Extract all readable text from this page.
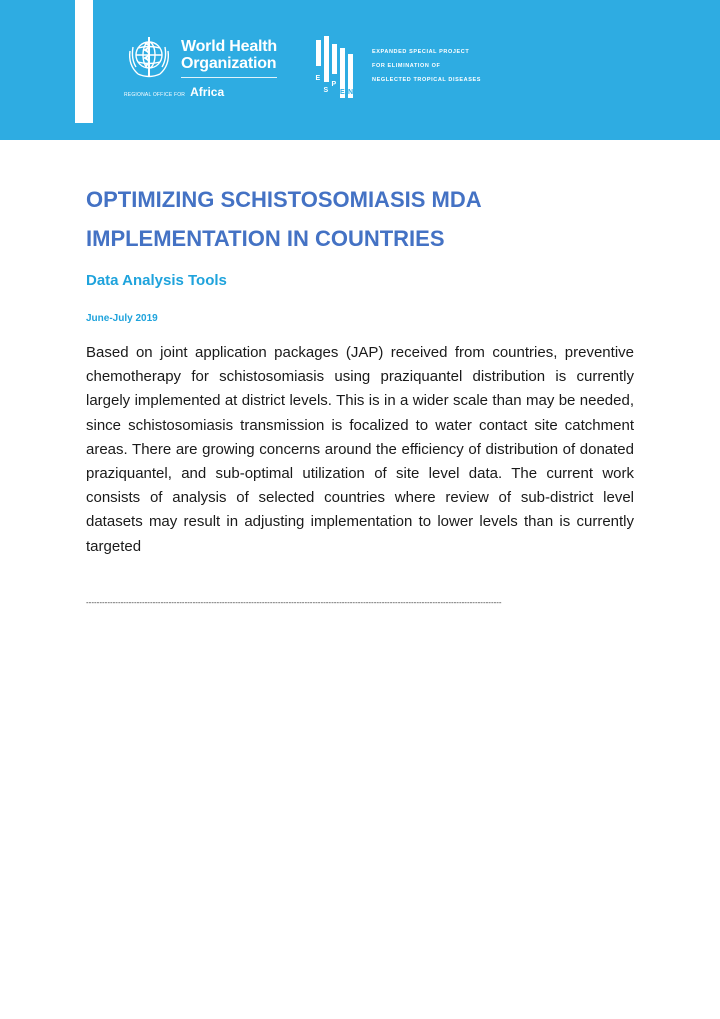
World Health
Organization
REGIONAL OFFICE FOR Africa
E
S
P
E N
EXPANDED SPECIAL PROJECT
FOR ELIMINATION OF
NEGLECTED TROPICAL DISEASES
OPTIMIZING SCHISTOSOMIASIS MDA IMPLEMENTATION IN COUNTRIES
Data Analysis Tools

June-July 2019

Based on joint application packages (JAP) received from countries, preventive chemotherapy for schistosomiasis using praziquantel distribution is currently largely implemented at district levels. This is in a wider scale than may be needed, since schistosomiasis transmission is focalized to water contact site catchment areas. There are growing concerns around the efficiency of distribution of donated praziquantel, and sub-optimal utilization of site level data. The current work consists of analysis of selected countries where review of sub-district level datasets may result in adjusting implementation to lower levels than is currently targeted

------------------------------------------------------------------------------------------------------------------------------------------------------------
